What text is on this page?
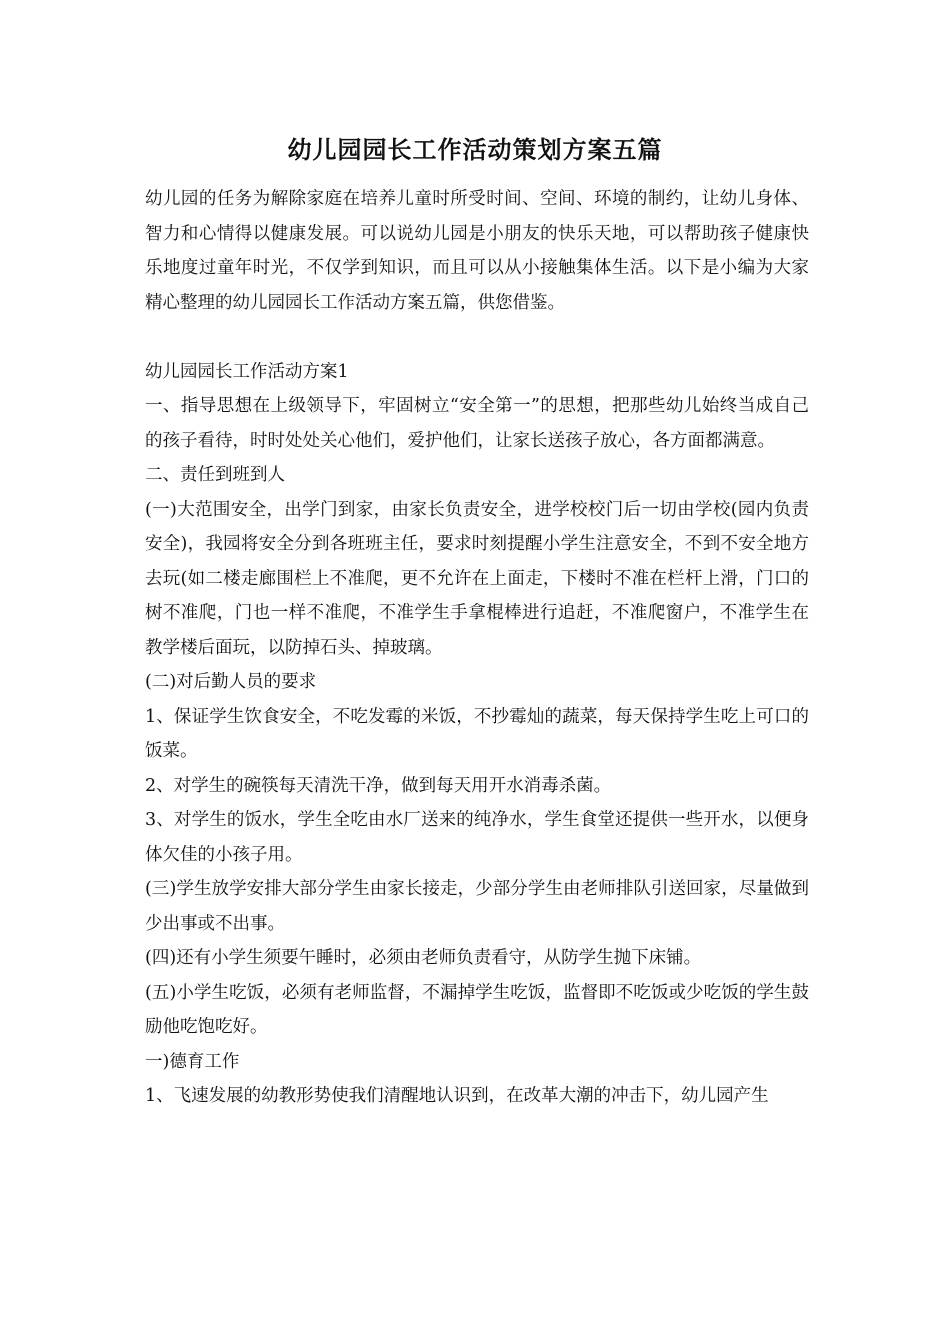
幼儿园园长工作活动策划方案五篇

幼儿园的任务为解除家庭在培养儿童时所受时间、空间、环境的制约，让幼儿身体、智力和心情得以健康发展。可以说幼儿园是小朋友的快乐天地，可以帮助孩子健康快乐地度过童年时光，不仅学到知识，而且可以从小接触集体生活。以下是小编为大家精心整理的幼儿园园长工作活动方案五篇，供您借鉴。

幼儿园园长工作活动方案1

一、指导思想在上级领导下，牢固树立“安全第一”的思想，把那些幼儿始终当成自己的孩子看待，时时处处关心他们，爱护他们，让家长送孩子放心，各方面都满意。

二、责任到班到人

(一)大范围安全，出学门到家，由家长负责安全，进学校校门后一切由学校(园内负责安全)，我园将安全分到各班班主任，要求时刻提醒小学生注意安全，不到不安全地方去玩(如二楼走廊围栏上不准爬，更不允许在上面走，下楼时不准在栏杆上滑，门口的树不准爬，门也一样不准爬，不准学生手拿棍棒进行追赶，不准爬窗户，不准学生在教学楼后面玩，以防掉石头、掉玻璃。

(二)对后勤人员的要求

1、保证学生饮食安全，不吃发霉的米饭，不抄霉灿的蔬菜，每天保持学生吃上可口的饭菜。

2、对学生的碗筷每天清洗干净，做到每天用开水消毒杀菌。

3、对学生的饭水，学生全吃由水厂送来的纯净水，学生食堂还提供一些开水，以便身体欠佳的小孩子用。

(三)学生放学安排大部分学生由家长接走，少部分学生由老师排队引送回家，尽量做到少出事或不出事。

(四)还有小学生须要午睡时，必须由老师负责看守，从防学生抛下床铺。

(五)小学生吃饭，必须有老师监督，不漏掉学生吃饭，监督即不吃饭或少吃饭的学生鼓励他吃饱吃好。

一)德育工作

1、飞速发展的幼教形势使我们清醒地认识到，在改革大潮的冲击下，幼儿园产生
